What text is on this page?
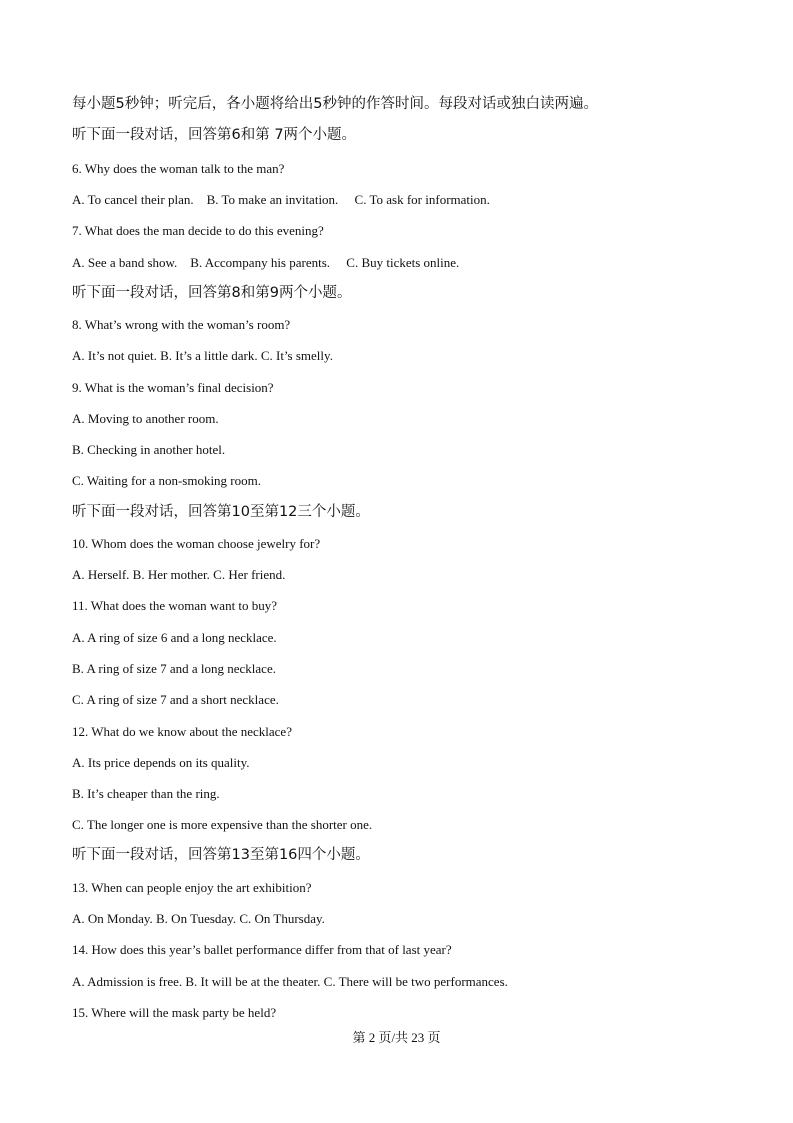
每小题5秒钟；听完后，各小题将给出5秒钟的作答时间。每段对话或独白读两遍。
听下面一段对话，回答第6和第 7两个小题。
6. Why does the woman talk to the man?
A. To cancel their plan.    B. To make an invitation.     C. To ask for information.
7. What does the man decide to do this evening?
A. See a band show.    B. Accompany his parents.     C. Buy tickets online.
听下面一段对话，回答第8和第9两个小题。
8. What’s wrong with the woman’s room?
A. It’s not quiet. B. It’s a little dark. C. It’s smelly.
9. What is the woman’s final decision?
A. Moving to another room.
B. Checking in another hotel.
C. Waiting for a non-smoking room.
听下面一段对话，回答第10至第12三个小题。
10. Whom does the woman choose jewelry for?
A. Herself. B. Her mother. C. Her friend.
11. What does the woman want to buy?
A. A ring of size 6 and a long necklace.
B. A ring of size 7 and a long necklace.
C. A ring of size 7 and a short necklace.
12. What do we know about the necklace?
A. Its price depends on its quality.
B. It’s cheaper than the ring.
C. The longer one is more expensive than the shorter one.
听下面一段对话，回答第13至第16四个小题。
13. When can people enjoy the art exhibition?
A. On Monday. B. On Tuesday. C. On Thursday.
14. How does this year’s ballet performance differ from that of last year?
A. Admission is free. B. It will be at the theater. C. There will be two performances.
15. Where will the mask party be held?
第 2 页/共 23 页
